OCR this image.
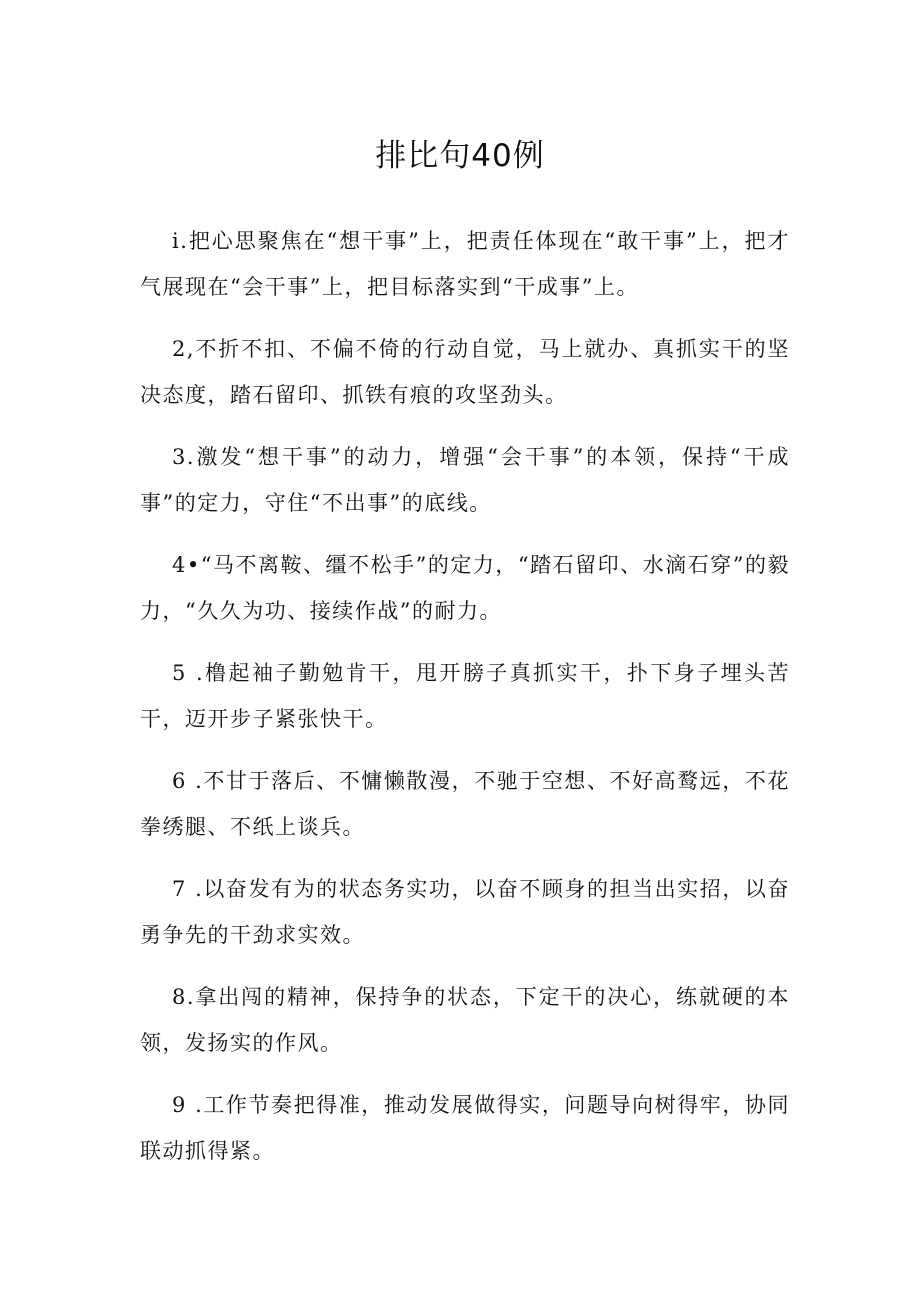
排比句40例

i.把心思聚焦在“想干事”上，把责任体现在“敢干事”上，把才气展现在“会干事”上，把目标落实到“干成事”上。

2,不折不扣、不偏不倚的行动自觉，马上就办、真抓实干的坚决态度，踏石留印、抓铁有痕的攻坚劲头。

3.激发“想干事”的动力，增强“会干事”的本领，保持“干成事”的定力，守住“不出事”的底线。

4•“马不离鞍、缰不松手”的定力，“踏石留印、水滴石穿”的毅力，“久久为功、接续作战”的耐力。

5 .橹起袖子勤勉肯干，甩开膀子真抓实干，扑下身子埋头苦干，迈开步子紧张快干。

6 .不甘于落后、不慵懒散漫，不驰于空想、不好高鹜远，不花拳绣腿、不纸上谈兵。

7 .以奋发有为的状态务实功，以奋不顾身的担当出实招，以奋勇争先的干劲求实效。

8.拿出闯的精神，保持争的状态，下定干的决心，练就硬的本领，发扬实的作风。

9 .工作节奏把得准，推动发展做得实，问题导向树得牢，协同联动抓得紧。
